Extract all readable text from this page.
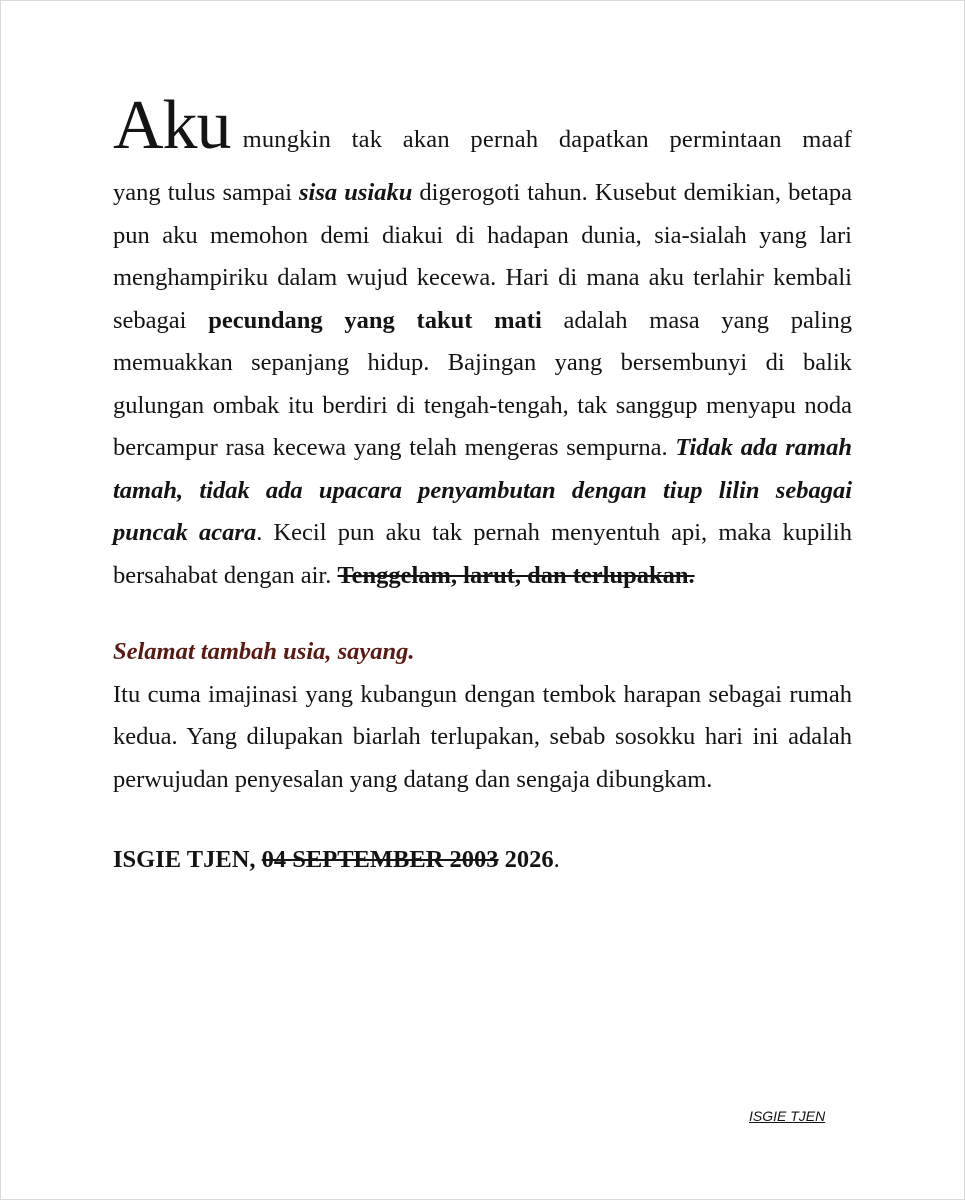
Aku mungkin tak akan pernah dapatkan permintaan maaf

yang tulus sampai sisa usiaku digerogoti tahun. Kusebut demikian, betapa pun aku memohon demi diakui di hadapan dunia, sia-sialah yang lari menghampiriku dalam wujud kecewa. Hari di mana aku terlahir kembali sebagai pecundang yang takut mati adalah masa yang paling memuakkan sepanjang hidup. Bajingan yang bersembunyi di balik gulungan ombak itu berdiri di tengah-tengah, tak sanggup menyapu noda bercampur rasa kecewa yang telah mengeras sempurna. Tidak ada ramah tamah, tidak ada upacara penyambutan dengan tiup lilin sebagai puncak acara. Kecil pun aku tak pernah menyentuh api, maka kupilih bersahabat dengan air. Tenggelam, larut, dan terlupakan.

Selamat tambah usia, sayang.

Itu cuma imajinasi yang kubangun dengan tembok harapan sebagai rumah kedua. Yang dilupakan biarlah terlupakan, sebab sosokku hari ini adalah perwujudan penyesalan yang datang dan sengaja dibungkam.

ISGIE TJEN, 04 SEPTEMBER 2003 2026.
ISGIE TJEN
